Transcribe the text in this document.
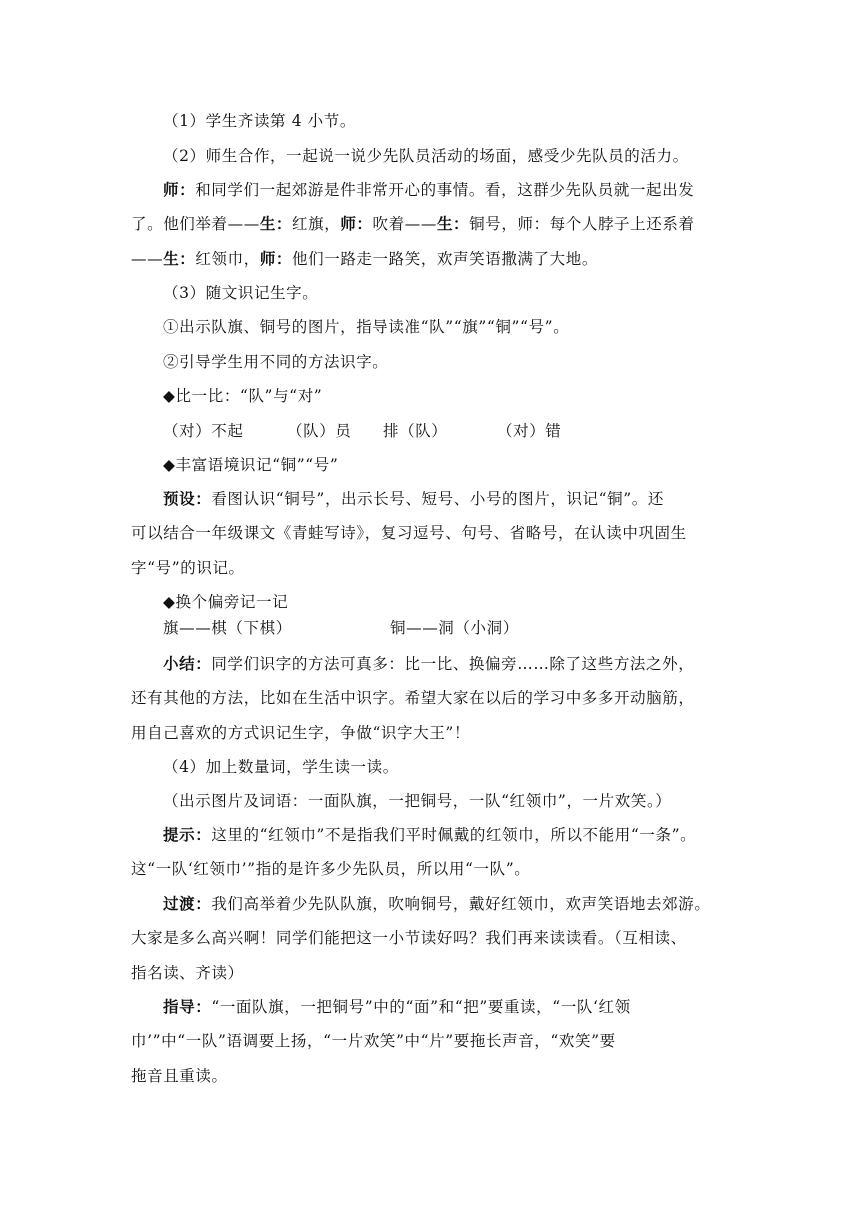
（1）学生齐读第 4 小节。
（2）师生合作，一起说一说少先队员活动的场面，感受少先队员的活力。
师：和同学们一起郊游是件非常开心的事情。看，这群少先队员就一起出发
了。他们举着——生：红旗，师：吹着——生：铜号，师：每个人脖子上还系着
——生：红领巾，师：他们一路走一路笑，欢声笑语撒满了大地。
（3）随文识记生字。
①出示队旗、铜号的图片，指导读准“队”“旗”“铜”“号”。
②引导学生用不同的方法识字。
◆比一比：“队”与“对”
（对）不起	（队）员 排（队）	（对）错
◆丰富语境识记“铜”“号”
预设：看图认识“铜号”，出示长号、短号、小号的图片，识记“铜”。还
可以结合一年级课文《青蛙写诗》，复习逗号、句号、省略号，在认读中巩固生
字“号”的识记。
◆换个偏旁记一记
旗——棋（下棋）	铜——洞（小洞）
小结：同学们识字的方法可真多：比一比、换偏旁……除了这些方法之外，
还有其他的方法，比如在生活中识字。希望大家在以后的学习中多多开动脑筋，
用自己喜欢的方式识记生字，争做“识字大王”！
（4）加上数量词，学生读一读。
（出示图片及词语：一面队旗，一把铜号，一队“红领巾”，一片欢笑。）
提示：这里的“红领巾”不是指我们平时佩戴的红领巾，所以不能用“一条”。
这“一队‘红领巾’”指的是许多少先队员，所以用“一队”。
过渡：我们高举着少先队队旗，吹响铜号，戴好红领巾，欢声笑语地去郊游。
大家是多么高兴啊！同学们能把这一小节读好吗？我们再来读读看。（互相读、
指名读、齐读）
指导：“一面队旗，一把铜号”中的“面”和“把”要重读，“一队‘红领
巾’”中“一队”语调要上扬，“一片欢笑”中“片”要拖长声音，“欢笑”要
拖音且重读。
